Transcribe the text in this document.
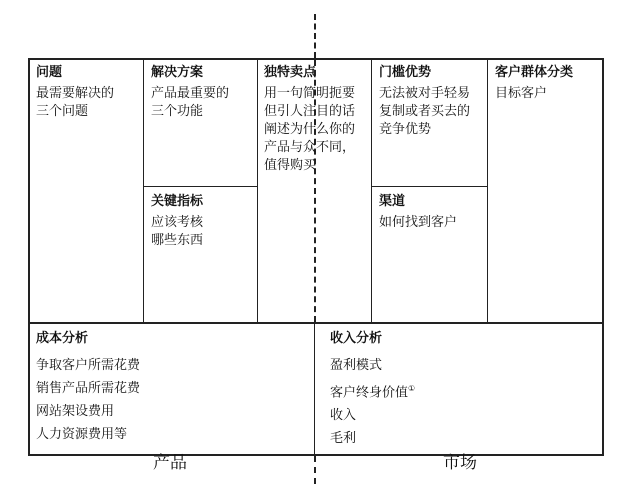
问题
最需要解决的
三个问题
解决方案
产品最重要的
三个功能
关键指标
应该考核
哪些东西
独特卖点
用一句简明扼要
但引人注目的话
阐述为什么你的
产品与众不同，
值得购买
门槛优势
无法被对手轻易
复制或者买去的
竞争优势
渠道
如何找到客户
客户群体分类
目标客户
成本分析
争取客户所需花费
销售产品所需花费
网站架设费用
人力资源费用等
收入分析
盈利模式
客户终身价值①
收入
毛利
产品	市场
